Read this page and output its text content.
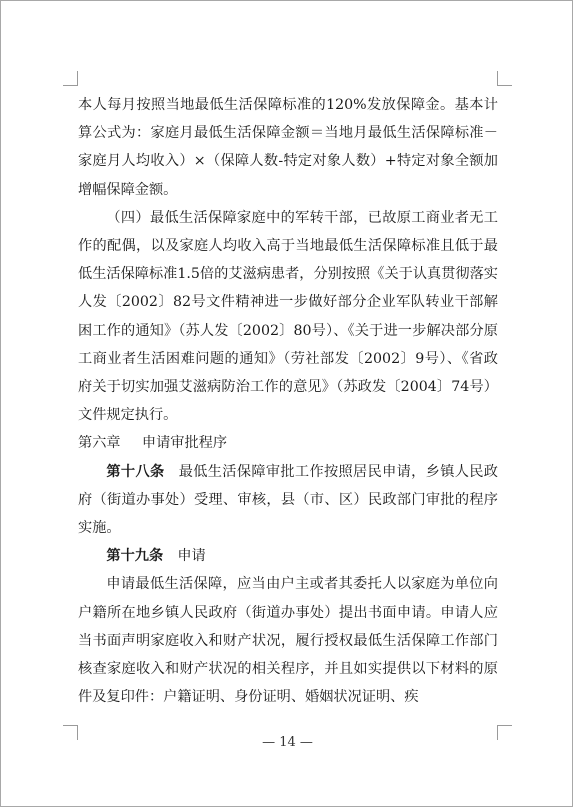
本人每月按照当地最低生活保障标准的120%发放保障金。基本计算公式为：家庭月最低生活保障金额＝当地月最低生活保障标准－家庭月人均收入）×（保障人数-特定对象人数）+特定对象全额加增幅保障金额。

（四）最低生活保障家庭中的军转干部，已故原工商业者无工作的配偶，以及家庭人均收入高于当地最低生活保障标准且低于最低生活保障标准1.5倍的艾滋病患者，分别按照《关于认真贯彻落实人发〔2002〕82号文件精神进一步做好部分企业军队转业干部解困工作的通知》（苏人发〔2002〕80号）、《关于进一步解决部分原工商业者生活困难问题的通知》（劳社部发〔2002〕9号）、《省政府关于切实加强艾滋病防治工作的意见》（苏政发〔2004〕74号）文件规定执行。

第六章 申请审批程序

第十八条 最低生活保障审批工作按照居民申请，乡镇人民政府（街道办事处）受理、审核，县（市、区）民政部门审批的程序实施。

第十九条 申请

申请最低生活保障，应当由户主或者其委托人以家庭为单位向户籍所在地乡镇人民政府（街道办事处）提出书面申请。申请人应当书面声明家庭收入和财产状况，履行授权最低生活保障工作部门核查家庭收入和财产状况的相关程序，并且如实提供以下材料的原件及复印件：户籍证明、身份证明、婚姻状况证明、疾

— 14 —
